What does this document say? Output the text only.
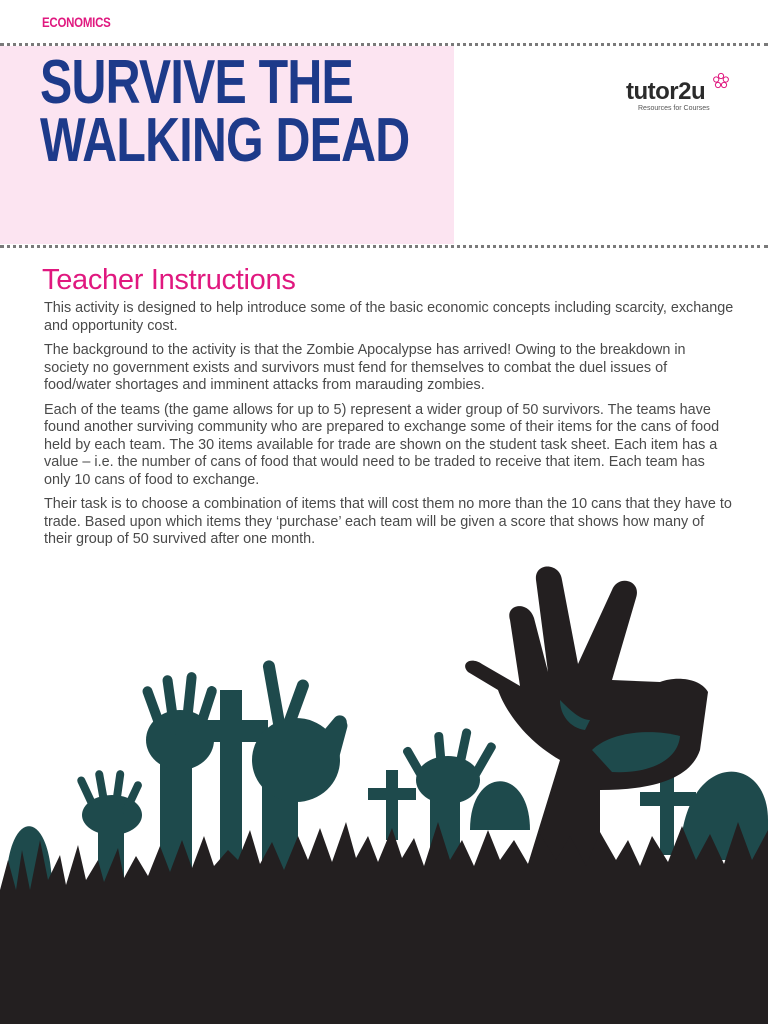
ECONOMICS
SURVIVE THE
WALKING DEAD
tutor2u
Resources for Courses
Teacher Instructions

This activity is designed to help introduce some of the basic economic concepts including scarcity, exchange and opportunity cost.

The background to the activity is that the Zombie Apocalypse has arrived! Owing to the breakdown in society no government exists and survivors must fend for themselves to combat the duel issues of food/water shortages and imminent attacks from marauding zombies.

Each of the teams (the game allows for up to 5) represent a wider group of 50 survivors. The teams have found another surviving community who are prepared to exchange some of their items for the cans of food held by each team. The 30 items available for trade are shown on the student task sheet. Each item has a value – i.e. the number of cans of food that would need to be traded to receive that item. Each team has only 10 cans of food to exchange.

Their task is to choose a combination of items that will cost them no more than the 10 cans that they have to trade. Based upon which items they ‘purchase’ each team will be given a score that shows how many of their group of 50 survived after one month.
